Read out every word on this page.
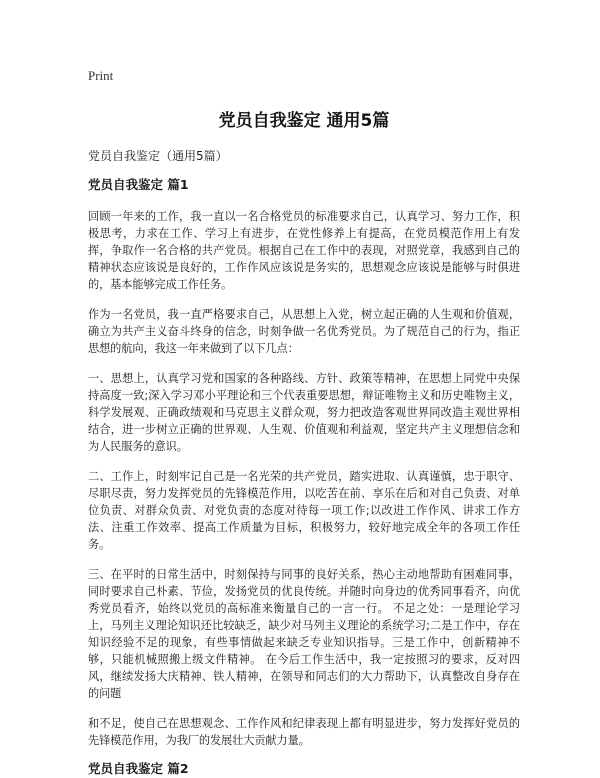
Print

党员自我鉴定 通用5篇

党员自我鉴定（通用5篇）

党员自我鉴定 篇1

回顾一年来的工作，我一直以一名合格党员的标准要求自己，认真学习、努力工作，积极思考，力求在工作、学习上有进步，在党性修养上有提高，在党员模范作用上有发挥，争取作一名合格的共产党员。根据自己在工作中的表现，对照党章，我感到自己的精神状态应该说是良好的，工作作风应该说是务实的，思想观念应该说是能够与时俱进的，基本能够完成工作任务。

作为一名党员，我一直严格要求自己，从思想上入党，树立起正确的人生观和价值观，确立为共产主义奋斗终身的信念，时刻争做一名优秀党员。为了规范自己的行为，指正思想的航向，我这一年来做到了以下几点：

一、思想上，认真学习党和国家的各种路线、方针、政策等精神，在思想上同党中央保持高度一致;深入学习邓小平理论和三个代表重要思想，辩证唯物主义和历史唯物主义，科学发展观、正确政绩观和马克思主义群众观，努力把改造客观世界同改造主观世界相结合，进一步树立正确的世界观、人生观、价值观和利益观，坚定共产主义理想信念和为人民服务的意识。

二、工作上，时刻牢记自己是一名光荣的共产党员，踏实进取、认真谨慎，忠于职守、尽职尽责，努力发挥党员的先锋模范作用，以吃苦在前、享乐在后和对自己负责、对单位负责、对群众负责、对党负责的态度对待每一项工作;以改进工作作风、讲求工作方法、注重工作效率、提高工作质量为目标，积极努力，较好地完成全年的各项工作任务。

三、在平时的日常生活中，时刻保持与同事的良好关系，热心主动地帮助有困难同事，同时要求自己朴素、节俭，发扬党员的优良传统。并随时向身边的优秀同事看齐，向优秀党员看齐，始终以党员的高标准来衡量自己的一言一行。 不足之处：一是理论学习上，马列主义理论知识还比较缺乏，缺少对马列主义理论的系统学习;二是工作中，存在知识经验不足的现象，有些事情做起来缺乏专业知识指导。三是工作中，创新精神不够，只能机械照搬上级文件精神。 在今后工作生活中，我一定按照习的要求，反对四风，继续发扬大庆精神、铁人精神，在领导和同志们的大力帮助下，认真整改自身存在的问题

和不足，使自己在思想观念、工作作风和纪律表现上都有明显进步，努力发挥好党员的先锋模范作用，为我厂的发展壮大贡献力量。

党员自我鉴定 篇2
